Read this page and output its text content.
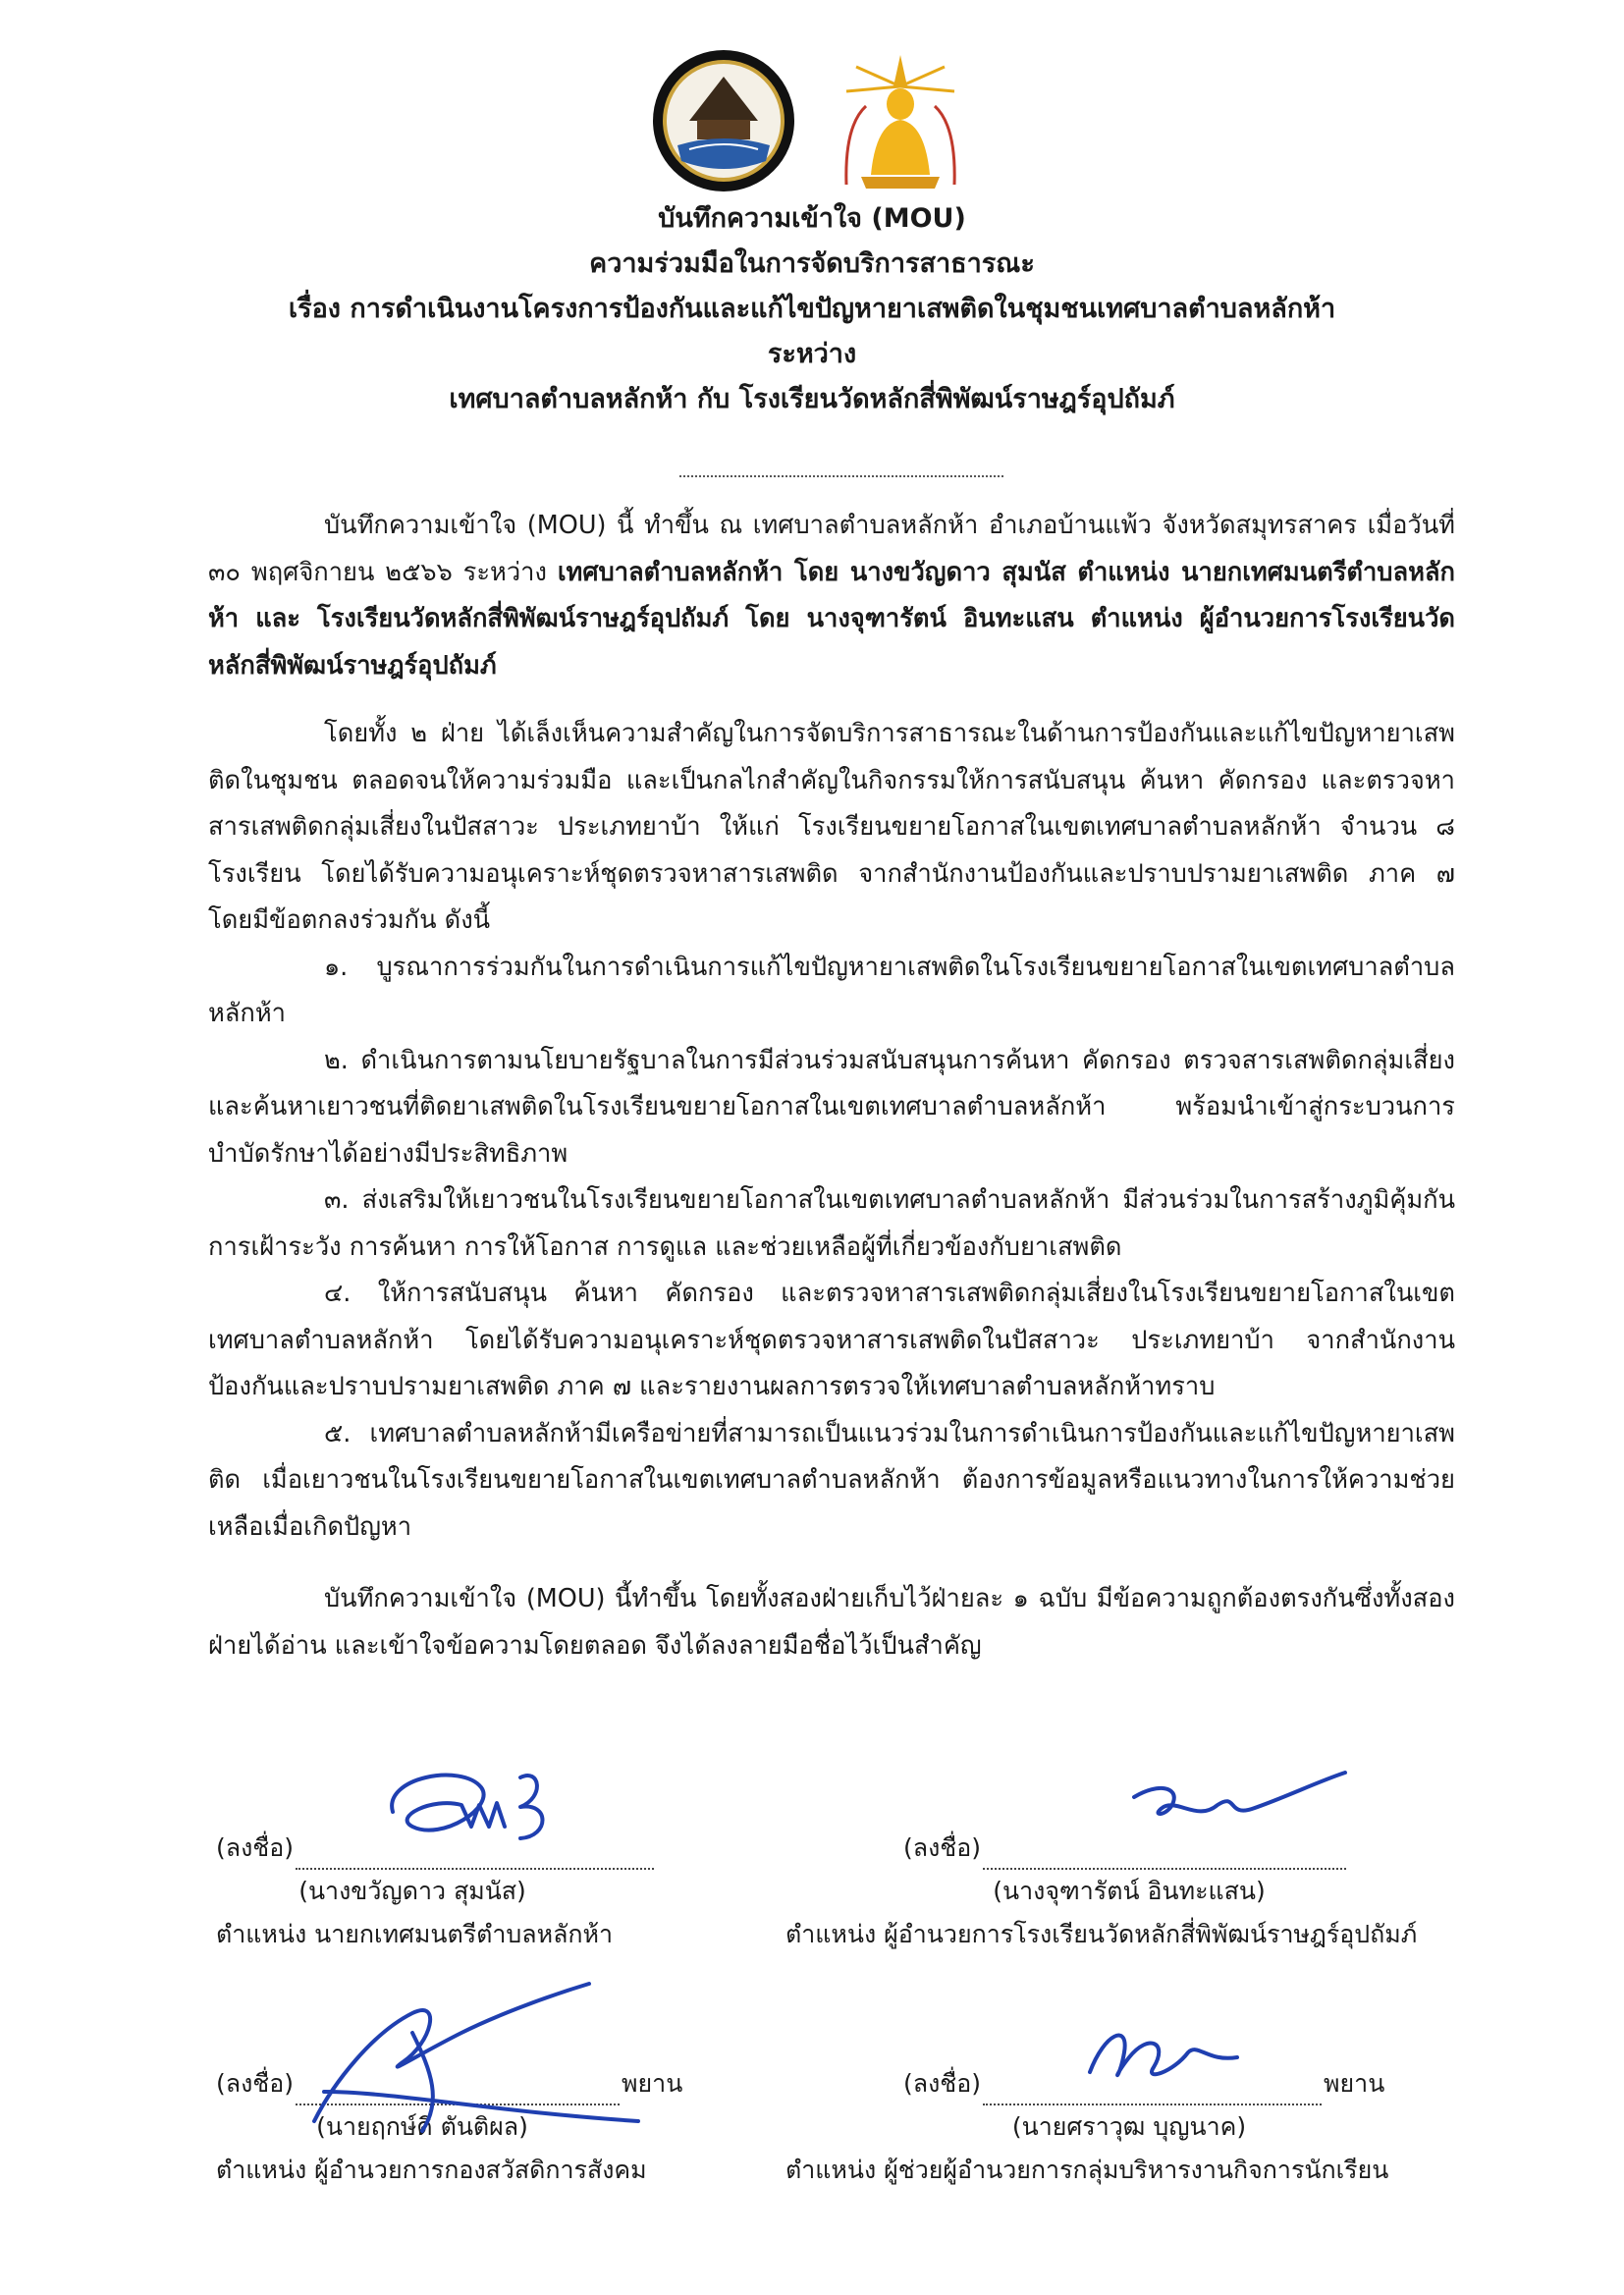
บันทึกความเข้าใจ (MOU)
ความร่วมมือในการจัดบริการสาธารณะ
เรื่อง การดำเนินงานโครงการป้องกันและแก้ไขปัญหายาเสพติดในชุมชนเทศบาลตำบลหลักห้า
ระหว่าง
เทศบาลตำบลหลักห้า กับ โรงเรียนวัดหลักสี่พิพัฒน์ราษฎร์อุปถัมภ์

บันทึกความเข้าใจ (MOU) นี้ ทำขึ้น ณ เทศบาลตำบลหลักห้า อำเภอบ้านแพ้ว จังหวัดสมุทรสาคร เมื่อวันที่ ๓๐ พฤศจิกายน ๒๕๖๖ ระหว่าง เทศบาลตำบลหลักห้า โดย นางขวัญดาว สุมนัส ตำแหน่ง นายกเทศมนตรีตำบลหลักห้า และ โรงเรียนวัดหลักสี่พิพัฒน์ราษฎร์อุปถัมภ์ โดย นางจุฑารัตน์ อินทะแสน ตำแหน่ง ผู้อำนวยการโรงเรียนวัดหลักสี่พิพัฒน์ราษฎร์อุปถัมภ์

โดยทั้ง ๒ ฝ่าย ได้เล็งเห็นความสำคัญในการจัดบริการสาธารณะในด้านการป้องกันและแก้ไขปัญหายาเสพติดในชุมชน ตลอดจนให้ความร่วมมือ และเป็นกลไกสำคัญในกิจกรรมให้การสนับสนุน ค้นหา คัดกรอง และตรวจหาสารเสพติดกลุ่มเสี่ยงในปัสสาวะ ประเภทยาบ้า ให้แก่ โรงเรียนขยายโอกาสในเขตเทศบาลตำบลหลักห้า จำนวน ๘ โรงเรียน โดยได้รับความอนุเคราะห์ชุดตรวจหาสารเสพติด จากสำนักงานป้องกันและปราบปรามยาเสพติด ภาค ๗ โดยมีข้อตกลงร่วมกัน ดังนี้

๑. บูรณาการร่วมกันในการดำเนินการแก้ไขปัญหายาเสพติดในโรงเรียนขยายโอกาสในเขตเทศบาลตำบลหลักห้า

๒. ดำเนินการตามนโยบายรัฐบาลในการมีส่วนร่วมสนับสนุนการค้นหา คัดกรอง ตรวจสารเสพติดกลุ่มเสี่ยงและค้นหาเยาวชนที่ติดยาเสพติดในโรงเรียนขยายโอกาสในเขตเทศบาลตำบลหลักห้า พร้อมนำเข้าสู่กระบวนการบำบัดรักษาได้อย่างมีประสิทธิภาพ

๓. ส่งเสริมให้เยาวชนในโรงเรียนขยายโอกาสในเขตเทศบาลตำบลหลักห้า มีส่วนร่วมในการสร้างภูมิคุ้มกันการเฝ้าระวัง การค้นหา การให้โอกาส การดูแล และช่วยเหลือผู้ที่เกี่ยวข้องกับยาเสพติด

๔. ให้การสนับสนุน ค้นหา คัดกรอง และตรวจหาสารเสพติดกลุ่มเสี่ยงในโรงเรียนขยายโอกาสในเขตเทศบาลตำบลหลักห้า โดยได้รับความอนุเคราะห์ชุดตรวจหาสารเสพติดในปัสสาวะ ประเภทยาบ้า จากสำนักงานป้องกันและปราบปรามยาเสพติด ภาค ๗ และรายงานผลการตรวจให้เทศบาลตำบลหลักห้าทราบ

๕. เทศบาลตำบลหลักห้ามีเครือข่ายที่สามารถเป็นแนวร่วมในการดำเนินการป้องกันและแก้ไขปัญหายาเสพติด เมื่อเยาวชนในโรงเรียนขยายโอกาสในเขตเทศบาลตำบลหลักห้า ต้องการข้อมูลหรือแนวทางในการให้ความช่วยเหลือเมื่อเกิดปัญหา

บันทึกความเข้าใจ (MOU) นี้ทำขึ้น โดยทั้งสองฝ่ายเก็บไว้ฝ่ายละ ๑ ฉบับ มีข้อความถูกต้องตรงกันซึ่งทั้งสองฝ่ายได้อ่าน และเข้าใจข้อความโดยตลอด จึงได้ลงลายมือชื่อไว้เป็นสำคัญ

(ลงชื่อ)
(นางขวัญดาว สุมนัส)
ตำแหน่ง นายกเทศมนตรีตำบลหลักห้า
(ลงชื่อ)
(นางจุฑารัตน์ อินทะแสน)
ตำแหน่ง ผู้อำนวยการโรงเรียนวัดหลักสี่พิพัฒน์ราษฎร์อุปถัมภ์
(ลงชื่อ)	พยาน
(นายฤกษ์ดี ตันติผล)
ตำแหน่ง ผู้อำนวยการกองสวัสดิการสังคม
(ลงชื่อ)	พยาน
(นายศราวุฒ บุญนาค)
ตำแหน่ง ผู้ช่วยผู้อำนวยการกลุ่มบริหารงานกิจการนักเรียน
